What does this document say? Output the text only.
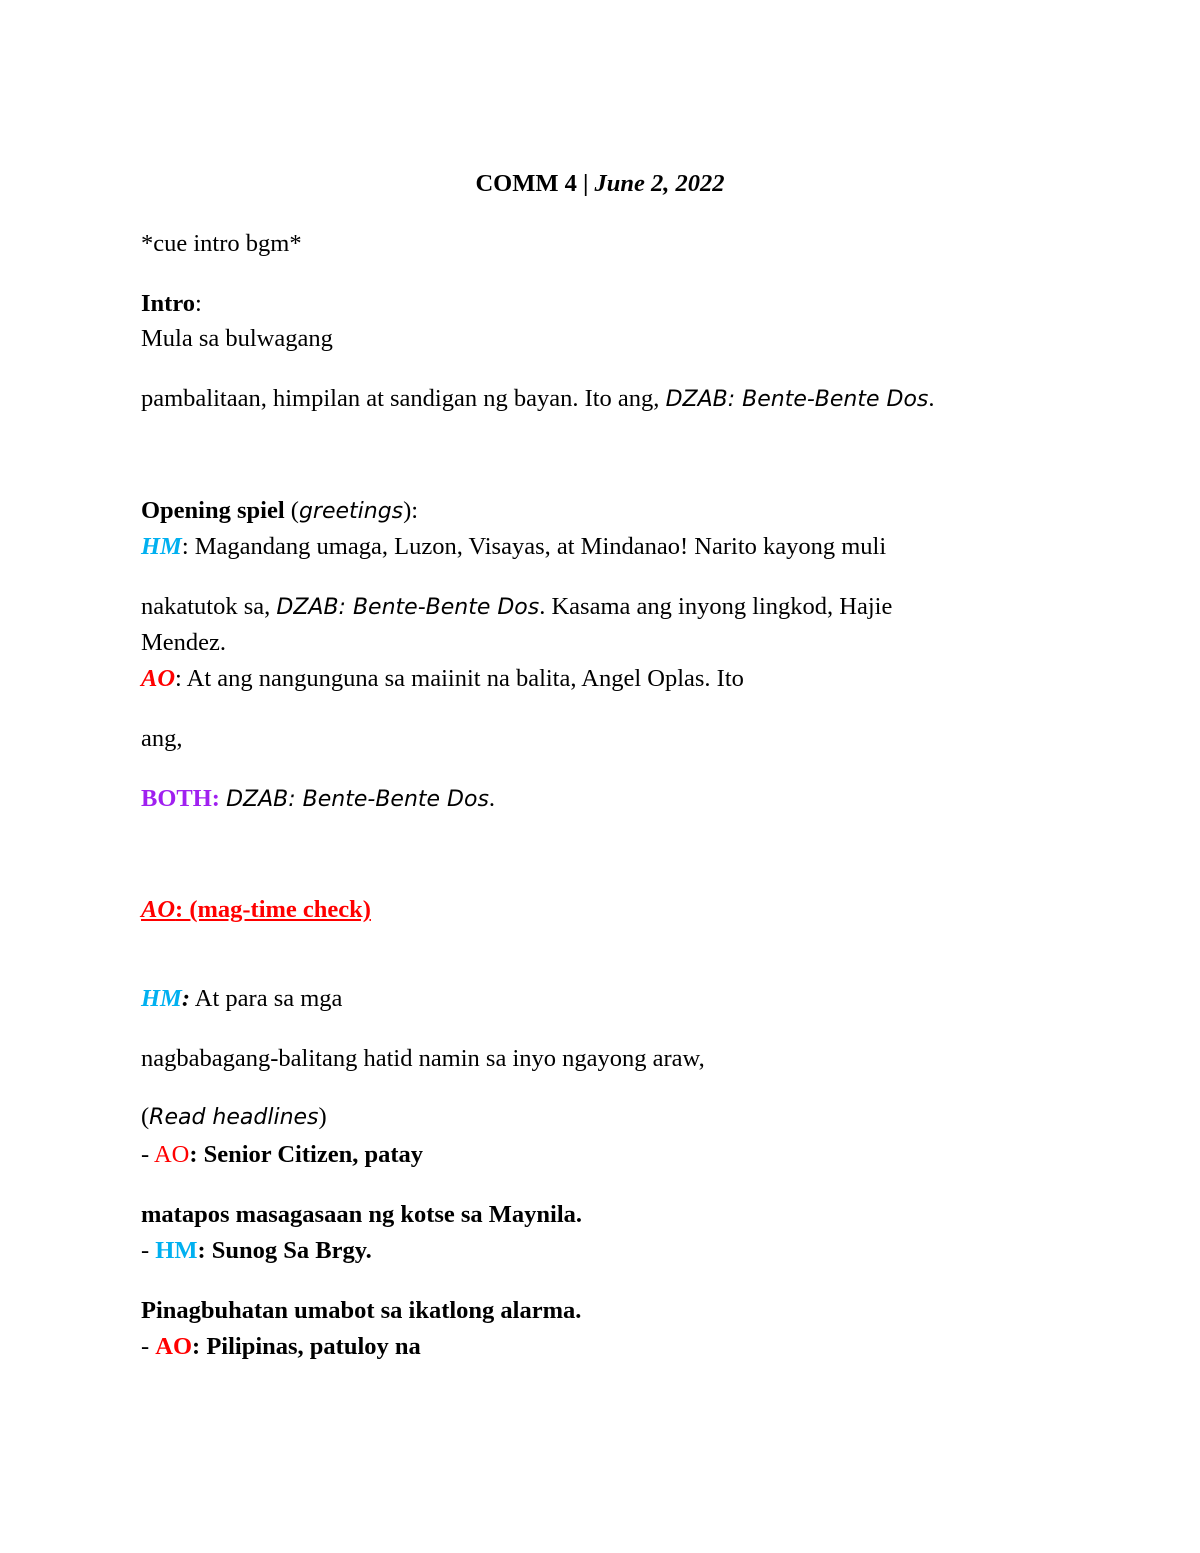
COMM 4 | June 2, 2022
*cue intro bgm*
Intro:
Mula sa bulwagang
pambalitaan, himpilan at sandigan ng bayan. Ito ang, DZAB: Bente-Bente Dos.
Opening spiel (greetings):
HM: Magandang umaga, Luzon, Visayas, at Mindanao! Narito kayong muli
nakatutok sa, DZAB: Bente-Bente Dos. Kasama ang inyong lingkod, Hajie
Mendez.
AO: At ang nangunguna sa maiinit na balita, Angel Oplas. Ito
ang,
BOTH: DZAB: Bente-Bente Dos.
AO: (mag-time check)
HM: At para sa mga
nagbabagang-balitang hatid namin sa inyo ngayong araw,
(Read headlines)
- AO: Senior Citizen, patay
matapos masagasaan ng kotse sa Maynila.
- HM: Sunog Sa Brgy.
Pinagbuhatan umabot sa ikatlong alarma.
- AO: Pilipinas, patuloy na
